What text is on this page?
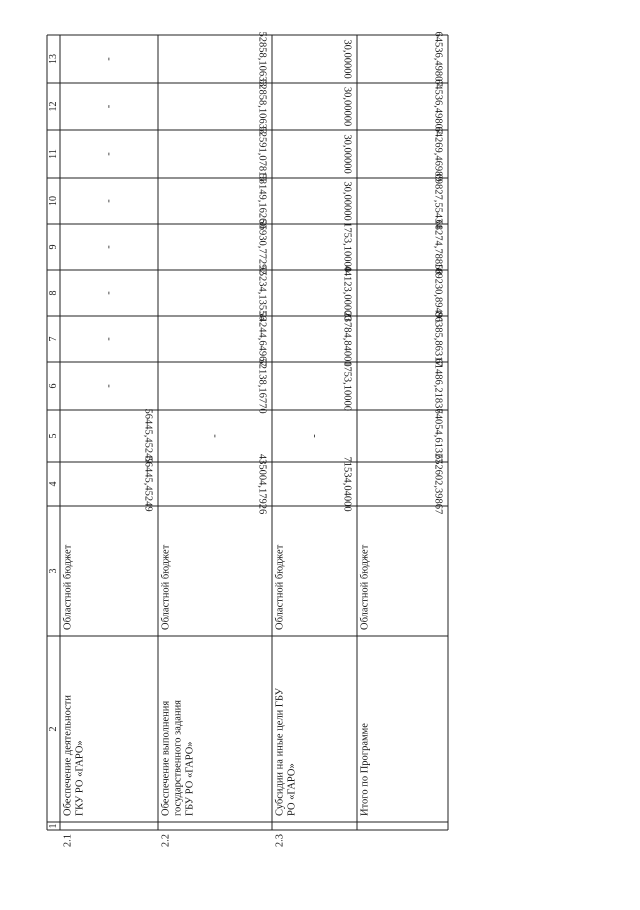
1
2
3
4
5
6
7
8
9
10
11
12
13
2.1
Обеспечение деятельности ГКУ РО «ГАРО»
Областной бюджет
56445,45249
56445,45249
-
-
-
-
-
-
-
-
2.2
Обеспечение выполнения государственного задания ГБУ РО «ГАРО»
Областной бюджет
435004,17926
-
52138,16770
54244,64967
55234,13556
56930,77292
58149,16260
52591,07815
52858,10633
52858,10633
2.3
Субсидии на иные цели ГБУ РО «ГАРО»
Областной бюджет
71534,04000
-
1753,10000
23784,84000
44123,00000
1753,10000
30,00000
30,00000
30,00000
30,00000
Итого по Программе
Областной бюджет
652602,39867
64054,61327
61486,21837
86385,86317
109230,89491
68274,78858
69827,55434
64269,46989
64536,49807
64536,49807
